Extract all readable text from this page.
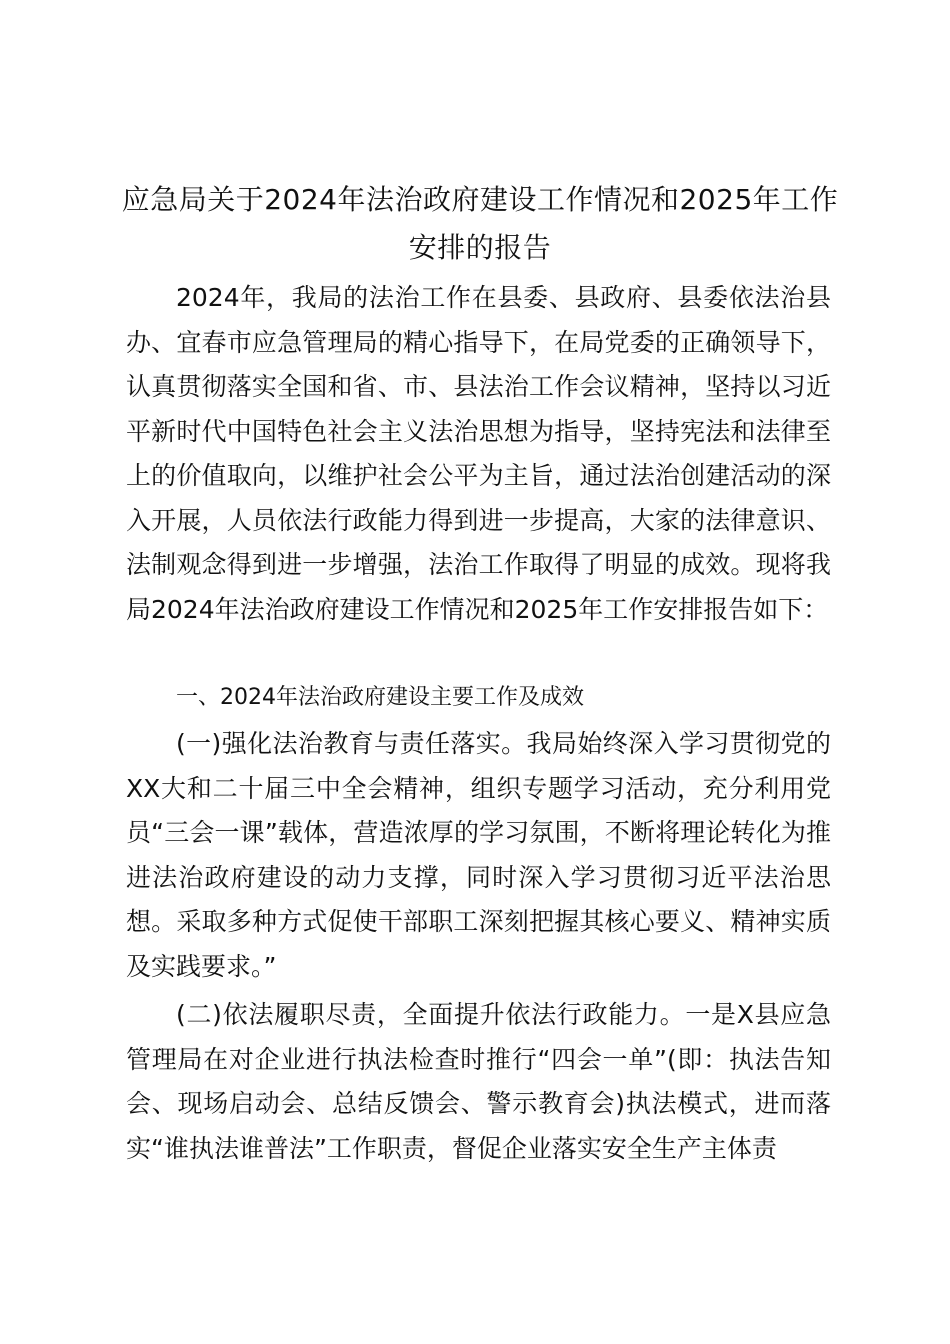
应急局关于2024年法治政府建设工作情况和2025年工作安排的报告

2024年，我局的法治工作在县委、县政府、县委依法治县办、宜春市应急管理局的精心指导下，在局党委的正确领导下，认真贯彻落实全国和省、市、县法治工作会议精神，坚持以习近平新时代中国特色社会主义法治思想为指导，坚持宪法和法律至上的价值取向，以维护社会公平为主旨，通过法治创建活动的深入开展，人员依法行政能力得到进一步提高，大家的法律意识、法制观念得到进一步增强，法治工作取得了明显的成效。现将我局2024年法治政府建设工作情况和2025年工作安排报告如下：

一、2024年法治政府建设主要工作及成效

(一)强化法治教育与责任落实。我局始终深入学习贯彻党的XX大和二十届三中全会精神，组织专题学习活动，充分利用党员“三会一课”载体，营造浓厚的学习氛围，不断将理论转化为推进法治政府建设的动力支撑，同时深入学习贯彻习近平法治思想。采取多种方式促使干部职工深刻把握其核心要义、精神实质及实践要求。”

(二)依法履职尽责，全面提升依法行政能力。一是X县应急管理局在对企业进行执法检查时推行“四会一单”(即：执法告知会、现场启动会、总结反馈会、警示教育会)执法模式，进而落实“谁执法谁普法”工作职责，督促企业落实安全生产主体责
